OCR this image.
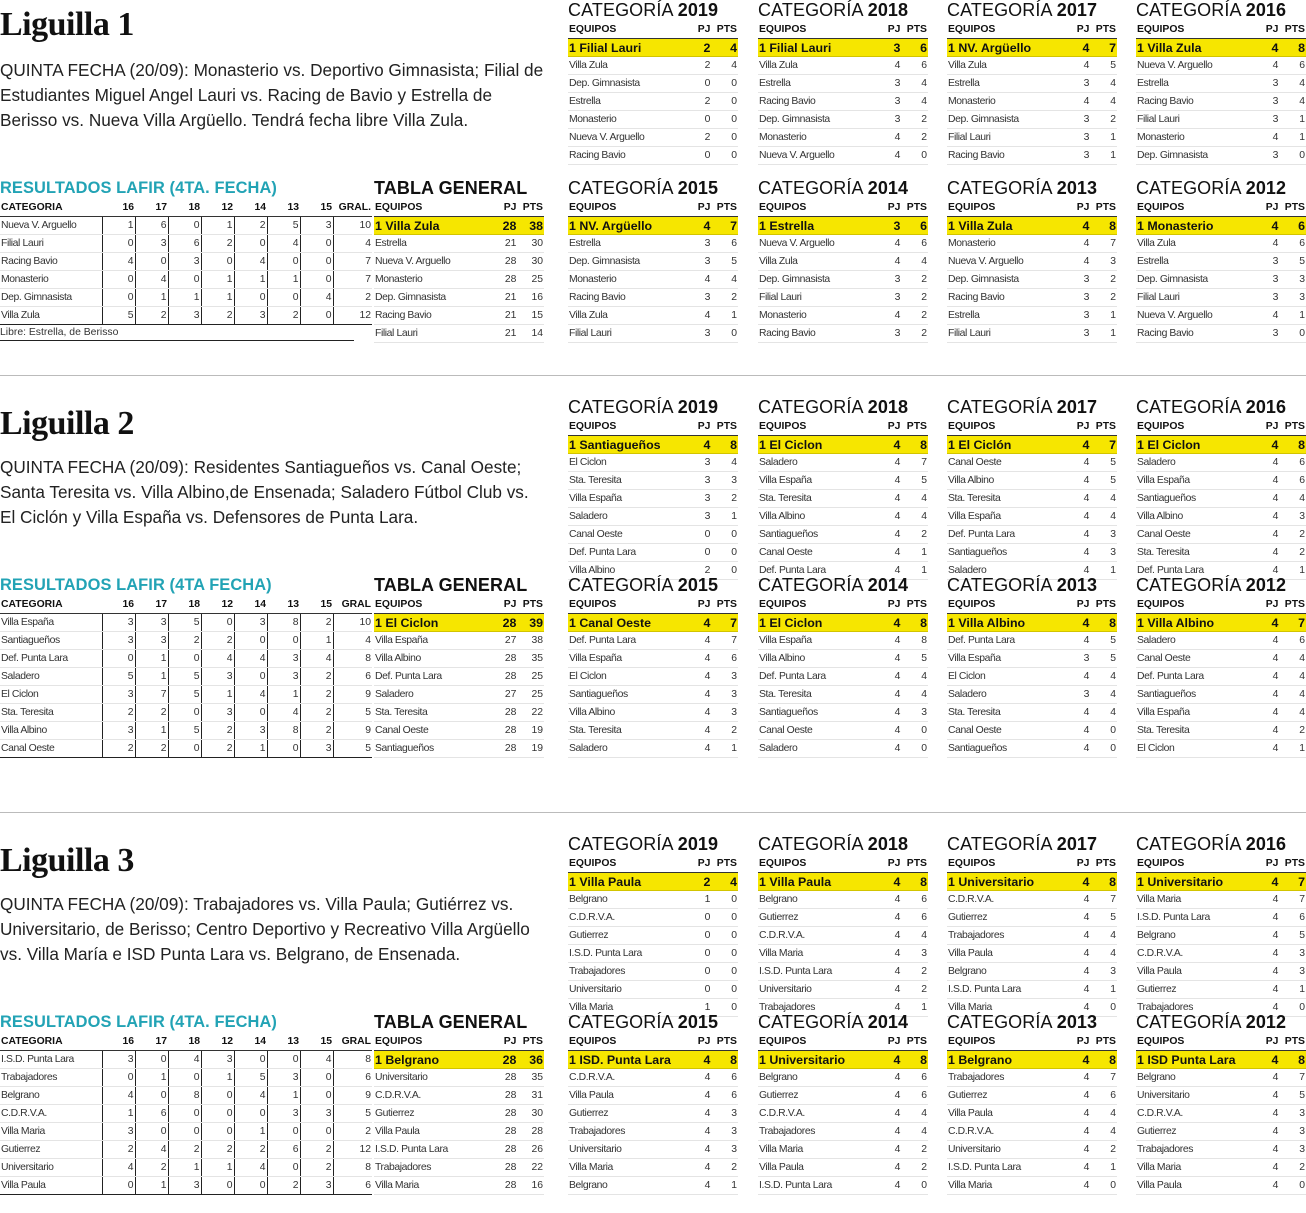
Liguilla 1

QUINTA FECHA (20/09): Monasterio vs. Deportivo Gimnasista; Filial de Estudiantes Miguel Angel Lauri vs. Racing de Bavio y Estrella de Berisso vs. Nueva Villa Argüello. Tendrá fecha libre Villa Zula.

CATEGORÍA 2019
EQUIPOS	PJ	PTS
1 Filial Lauri	2	4
Villa Zula	2	4
Dep. Gimnasista	0	0
Estrella	2	0
Monasterio	0	0
Nueva V. Arguello	2	0
Racing Bavio	0	0
CATEGORÍA 2018
EQUIPOS	PJ	PTS
1 Filial Lauri	3	6
Villa Zula	4	6
Estrella	3	4
Racing Bavio	3	4
Dep. Gimnasista	3	2
Monasterio	4	2
Nueva V. Arguello	4	0
CATEGORÍA 2017
EQUIPOS	PJ	PTS
1 NV. Argüello	4	7
Villa Zula	4	5
Estrella	3	4
Monasterio	4	4
Dep. Gimnasista	3	2
Filial Lauri	3	1
Racing Bavio	3	1
CATEGORÍA 2016
EQUIPOS	PJ	PTS
1 Villa Zula	4	8
Nueva V. Arguello	4	6
Estrella	3	4
Racing Bavio	3	4
Filial Lauri	3	1
Monasterio	4	1
Dep. Gimnasista	3	0
RESULTADOS LAFIR (4TA. FECHA)
CATEGORIA	16	17	18	12	14	13	15	GRAL.
Nueva V. Arguello	1	6	0	1	2	5	3	10
Filial Lauri	0	3	6	2	0	4	0	4
Racing Bavio	4	0	3	0	4	0	0	7
Monasterio	0	4	0	1	1	1	0	7
Dep. Gimnasista	0	1	1	1	0	0	4	2
Villa Zula	5	2	3	2	3	2	0	12
Libre: Estrella, de Berisso
TABLA GENERAL
EQUIPOS	PJ	PTS
1 Villa Zula	28	38
Estrella	21	30
Nueva V. Arguello	28	30
Monasterio	28	25
Dep. Gimnasista	21	16
Racing Bavio	21	15
Filial Lauri	21	14
CATEGORÍA 2015
EQUIPOS	PJ	PTS
1 NV. Argüello	4	7
Estrella	3	6
Dep. Gimnasista	3	5
Monasterio	4	4
Racing Bavio	3	2
Villa Zula	4	1
Filial Lauri	3	0
CATEGORÍA 2014
EQUIPOS	PJ	PTS
1 Estrella	3	6
Nueva V. Arguello	4	6
Villa Zula	4	4
Dep. Gimnasista	3	2
Filial Lauri	3	2
Monasterio	4	2
Racing Bavio	3	2
CATEGORÍA 2013
EQUIPOS	PJ	PTS
1 Villa Zula	4	8
Monasterio	4	7
Nueva V. Arguello	4	3
Dep. Gimnasista	3	2
Racing Bavio	3	2
Estrella	3	1
Filial Lauri	3	1
CATEGORÍA 2012
EQUIPOS	PJ	PTS
1 Monasterio	4	6
Villa Zula	4	6
Estrella	3	5
Dep. Gimnasista	3	3
Filial Lauri	3	3
Nueva V. Arguello	4	1
Racing Bavio	3	0
Liguilla 2

QUINTA FECHA (20/09): Residentes Santiagueños vs. Canal Oeste; Santa Teresita vs. Villa Albino,de Ensenada; Saladero Fútbol Club vs. El Ciclón y Villa España vs. Defensores de Punta Lara.

CATEGORÍA 2019
EQUIPOS	PJ	PTS
1 Santiagueños	4	8
El Ciclon	3	4
Sta. Teresita	3	3
Villa España	3	2
Saladero	3	1
Canal Oeste	0	0
Def. Punta Lara	0	0
Villa Albino	2	0
CATEGORÍA 2018
EQUIPOS	PJ	PTS
1 El Ciclon	4	8
Saladero	4	7
Villa España	4	5
Sta. Teresita	4	4
Villa Albino	4	4
Santiagueños	4	2
Canal Oeste	4	1
Def. Punta Lara	4	1
CATEGORÍA 2017
EQUIPOS	PJ	PTS
1 El Ciclón	4	7
Canal Oeste	4	5
Villa Albino	4	5
Sta. Teresita	4	4
Villa España	4	4
Def. Punta Lara	4	3
Santiagueños	4	3
Saladero	4	1
CATEGORÍA 2016
EQUIPOS	PJ	PTS
1 El Ciclon	4	8
Saladero	4	6
Villa España	4	6
Santiagueños	4	4
Villa Albino	4	3
Canal Oeste	4	2
Sta. Teresita	4	2
Def. Punta Lara	4	1
RESULTADOS LAFIR (4TA FECHA)
CATEGORIA	16	17	18	12	14	13	15	GRAL
Villa España	3	3	5	0	3	8	2	10
Santiagueños	3	3	2	2	0	0	1	4
Def. Punta Lara	0	1	0	4	4	3	4	8
Saladero	5	1	5	3	0	3	2	6
El Ciclon	3	7	5	1	4	1	2	9
Sta. Teresita	2	2	0	3	0	4	2	5
Villa Albino	3	1	5	2	3	8	2	9
Canal Oeste	2	2	0	2	1	0	3	5
TABLA GENERAL
EQUIPOS	PJ	PTS
1 El Ciclon	28	39
Villa España	27	38
Villa Albino	28	35
Def. Punta Lara	28	25
Saladero	27	25
Sta. Teresita	28	22
Canal Oeste	28	19
Santiagueños	28	19
CATEGORÍA 2015
EQUIPOS	PJ	PTS
1 Canal Oeste	4	7
Def. Punta Lara	4	7
Villa España	4	6
El Ciclon	4	3
Santiagueños	4	3
Villa Albino	4	3
Sta. Teresita	4	2
Saladero	4	1
CATEGORÍA 2014
EQUIPOS	PJ	PTS
1 El Ciclon	4	8
Villa España	4	8
Villa Albino	4	5
Def. Punta Lara	4	4
Sta. Teresita	4	4
Santiagueños	4	3
Canal Oeste	4	0
Saladero	4	0
CATEGORÍA 2013
EQUIPOS	PJ	PTS
1 Villa Albino	4	8
Def. Punta Lara	4	5
Villa España	3	5
El Ciclon	4	4
Saladero	3	4
Sta. Teresita	4	4
Canal Oeste	4	0
Santiagueños	4	0
CATEGORÍA 2012
EQUIPOS	PJ	PTS
1 Villa Albino	4	7
Saladero	4	6
Canal Oeste	4	4
Def. Punta Lara	4	4
Santiagueños	4	4
Villa España	4	4
Sta. Teresita	4	2
El Ciclon	4	1
Liguilla 3

QUINTA FECHA (20/09): Trabajadores vs. Villa Paula; Gutiérrez vs. Universitario, de Berisso; Centro Deportivo y Recreativo Villa Argüello vs. Villa María e ISD Punta Lara vs. Belgrano, de Ensenada.

CATEGORÍA 2019
EQUIPOS	PJ	PTS
1 Villa Paula	2	4
Belgrano	1	0
C.D.R.V.A.	0	0
Gutierrez	0	0
I.S.D. Punta Lara	0	0
Trabajadores	0	0
Universitario	0	0
Villa Maria	1	0
CATEGORÍA 2018
EQUIPOS	PJ	PTS
1 Villa Paula	4	8
Belgrano	4	6
Gutierrez	4	6
C.D.R.V.A.	4	4
Villa Maria	4	3
I.S.D. Punta Lara	4	2
Universitario	4	2
Trabajadores	4	1
CATEGORÍA 2017
EQUIPOS	PJ	PTS
1 Universitario	4	8
C.D.R.V.A.	4	7
Gutierrez	4	5
Trabajadores	4	4
Villa Paula	4	4
Belgrano	4	3
I.S.D. Punta Lara	4	1
Villa Maria	4	0
CATEGORÍA 2016
EQUIPOS	PJ	PTS
1 Universitario	4	7
Villa Maria	4	7
I.S.D. Punta Lara	4	6
Belgrano	4	5
C.D.R.V.A.	4	3
Villa Paula	4	3
Gutierrez	4	1
Trabajadores	4	0
RESULTADOS LAFIR (4TA. FECHA)
CATEGORIA	16	17	18	12	14	13	15	GRAL
I.S.D. Punta Lara	3	0	4	3	0	0	4	8
Trabajadores	0	1	0	1	5	3	0	6
Belgrano	4	0	8	0	4	1	0	9
C.D.R.V.A.	1	6	0	0	0	3	3	5
Villa Maria	3	0	0	0	1	0	0	2
Gutierrez	2	4	2	2	2	6	2	12
Universitario	4	2	1	1	4	0	2	8
Villa Paula	0	1	3	0	0	2	3	6
TABLA GENERAL
EQUIPOS	PJ	PTS
1 Belgrano	28	36
Universitario	28	35
C.D.R.V.A.	28	31
Gutierrez	28	30
Villa Paula	28	28
I.S.D. Punta Lara	28	26
Trabajadores	28	22
Villa Maria	28	16
CATEGORÍA 2015
EQUIPOS	PJ	PTS
1 ISD. Punta Lara	4	8
C.D.R.V.A.	4	6
Villa Paula	4	6
Gutierrez	4	3
Trabajadores	4	3
Universitario	4	3
Villa Maria	4	2
Belgrano	4	1
CATEGORÍA 2014
EQUIPOS	PJ	PTS
1 Universitario	4	8
Belgrano	4	6
Gutierrez	4	6
C.D.R.V.A.	4	4
Trabajadores	4	4
Villa Maria	4	2
Villa Paula	4	2
I.S.D. Punta Lara	4	0
CATEGORÍA 2013
EQUIPOS	PJ	PTS
1 Belgrano	4	8
Trabajadores	4	7
Gutierrez	4	6
Villa Paula	4	4
C.D.R.V.A.	4	4
Universitario	4	2
I.S.D. Punta Lara	4	1
Villa Maria	4	0
CATEGORÍA 2012
EQUIPOS	PJ	PTS
1 ISD Punta Lara	4	8
Belgrano	4	7
Universitario	4	5
C.D.R.V.A.	4	3
Gutierrez	4	3
Trabajadores	4	3
Villa Maria	4	2
Villa Paula	4	0
